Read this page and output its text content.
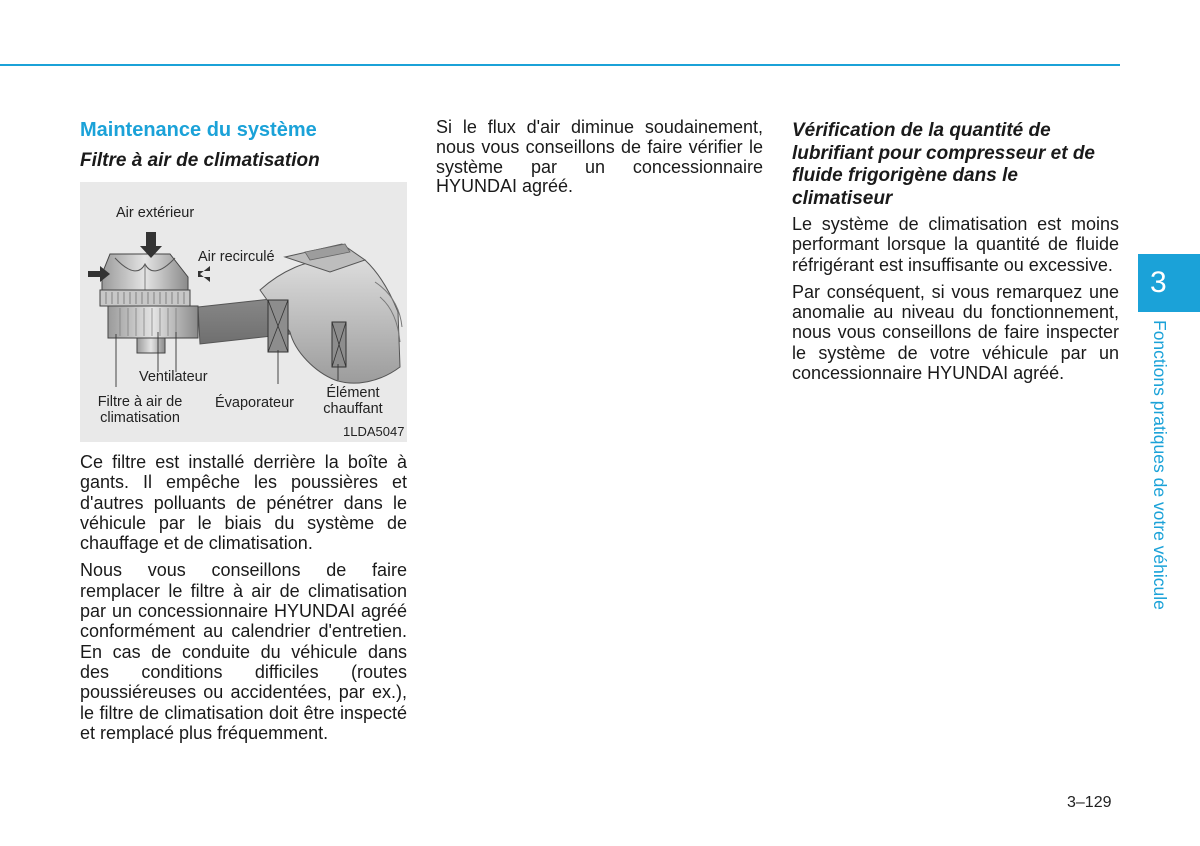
Maintenance du système
Filtre à air de climatisation
Air extérieur
Air recirculé
Ventilateur
Filtre à air de
climatisation
Évaporateur
Élément
chauffant
1LDA5047

Ce filtre est installé derrière la boîte à gants. Il empêche les poussières et d'autres polluants de pénétrer dans le véhicule par le biais du système de chauffage et de climatisation.

Nous vous conseillons de faire remplacer le filtre à air de climatisation par un concessionnaire HYUNDAI agréé conformément au calendrier d'entretien. En cas de conduite du véhicule dans des conditions difficiles (routes poussiéreuses ou accidentées, par ex.), le filtre de climatisation doit être inspecté et remplacé plus fréquemment.

Si le flux d'air diminue soudainement, nous vous conseillons de faire vérifier le système par un concessionnaire HYUNDAI agréé.

Vérification de la quantité de lubrifiant pour compresseur et de fluide frigorigène dans le climatiseur

Le système de climatisation est moins performant lorsque la quantité de fluide réfrigérant est insuffisante ou excessive.

Par conséquent, si vous remarquez une anomalie au niveau du fonctionnement, nous vous conseillons de faire inspecter le système de votre véhicule par un concessionnaire HYUNDAI agréé.

3
Fonctions pratiques de votre véhicule
3–129
